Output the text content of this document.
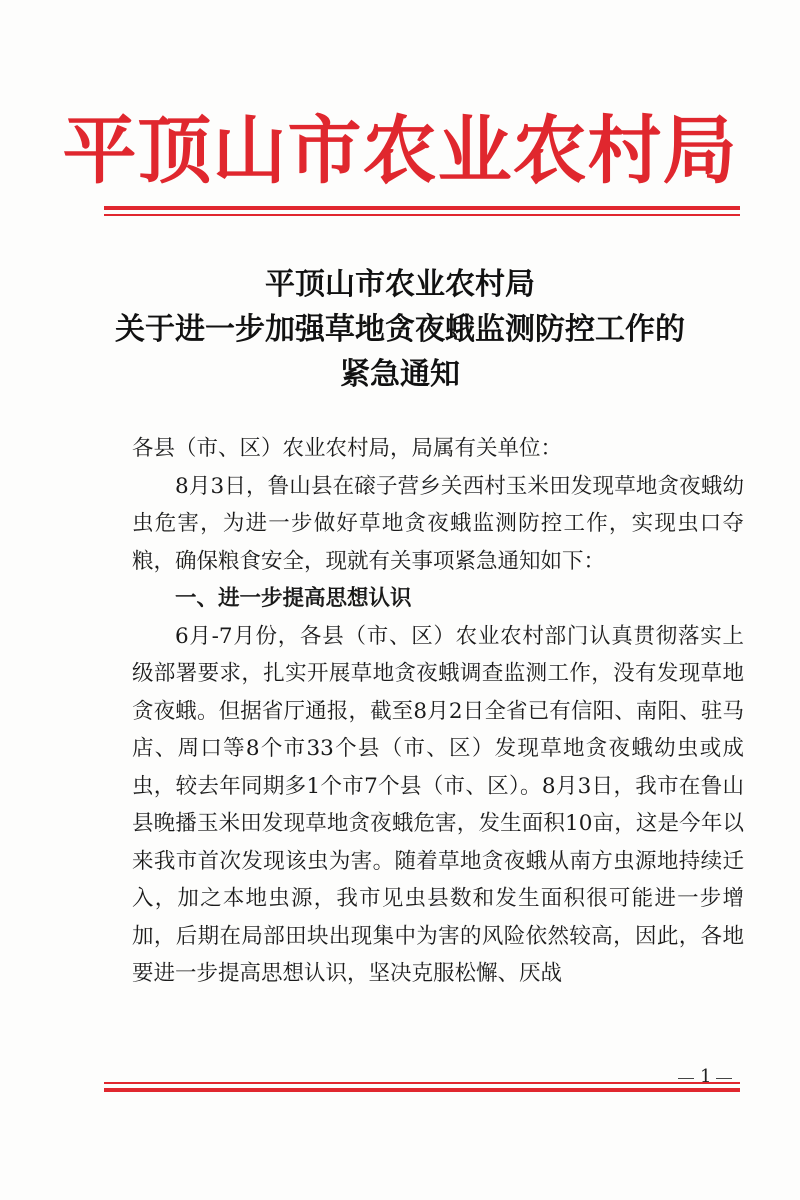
平顶山市农业农村局
平顶山市农业农村局
关于进一步加强草地贪夜蛾监测防控工作的
紧急通知

各县（市、区）农业农村局，局属有关单位：

8月3日，鲁山县在磙子营乡关西村玉米田发现草地贪夜蛾幼虫危害，为进一步做好草地贪夜蛾监测防控工作，实现虫口夺粮，确保粮食安全，现就有关事项紧急通知如下：

一、进一步提高思想认识

6月-7月份，各县（市、区）农业农村部门认真贯彻落实上级部署要求，扎实开展草地贪夜蛾调查监测工作，没有发现草地贪夜蛾。但据省厅通报，截至8月2日全省已有信阳、南阳、驻马店、周口等8个市33个县（市、区）发现草地贪夜蛾幼虫或成虫，较去年同期多1个市7个县（市、区）。8月3日，我市在鲁山县晚播玉米田发现草地贪夜蛾危害，发生面积10亩，这是今年以来我市首次发现该虫为害。随着草地贪夜蛾从南方虫源地持续迁入，加之本地虫源，我市见虫县数和发生面积很可能进一步增加，后期在局部田块出现集中为害的风险依然较高，因此，各地要进一步提高思想认识，坚决克服松懈、厌战

1
